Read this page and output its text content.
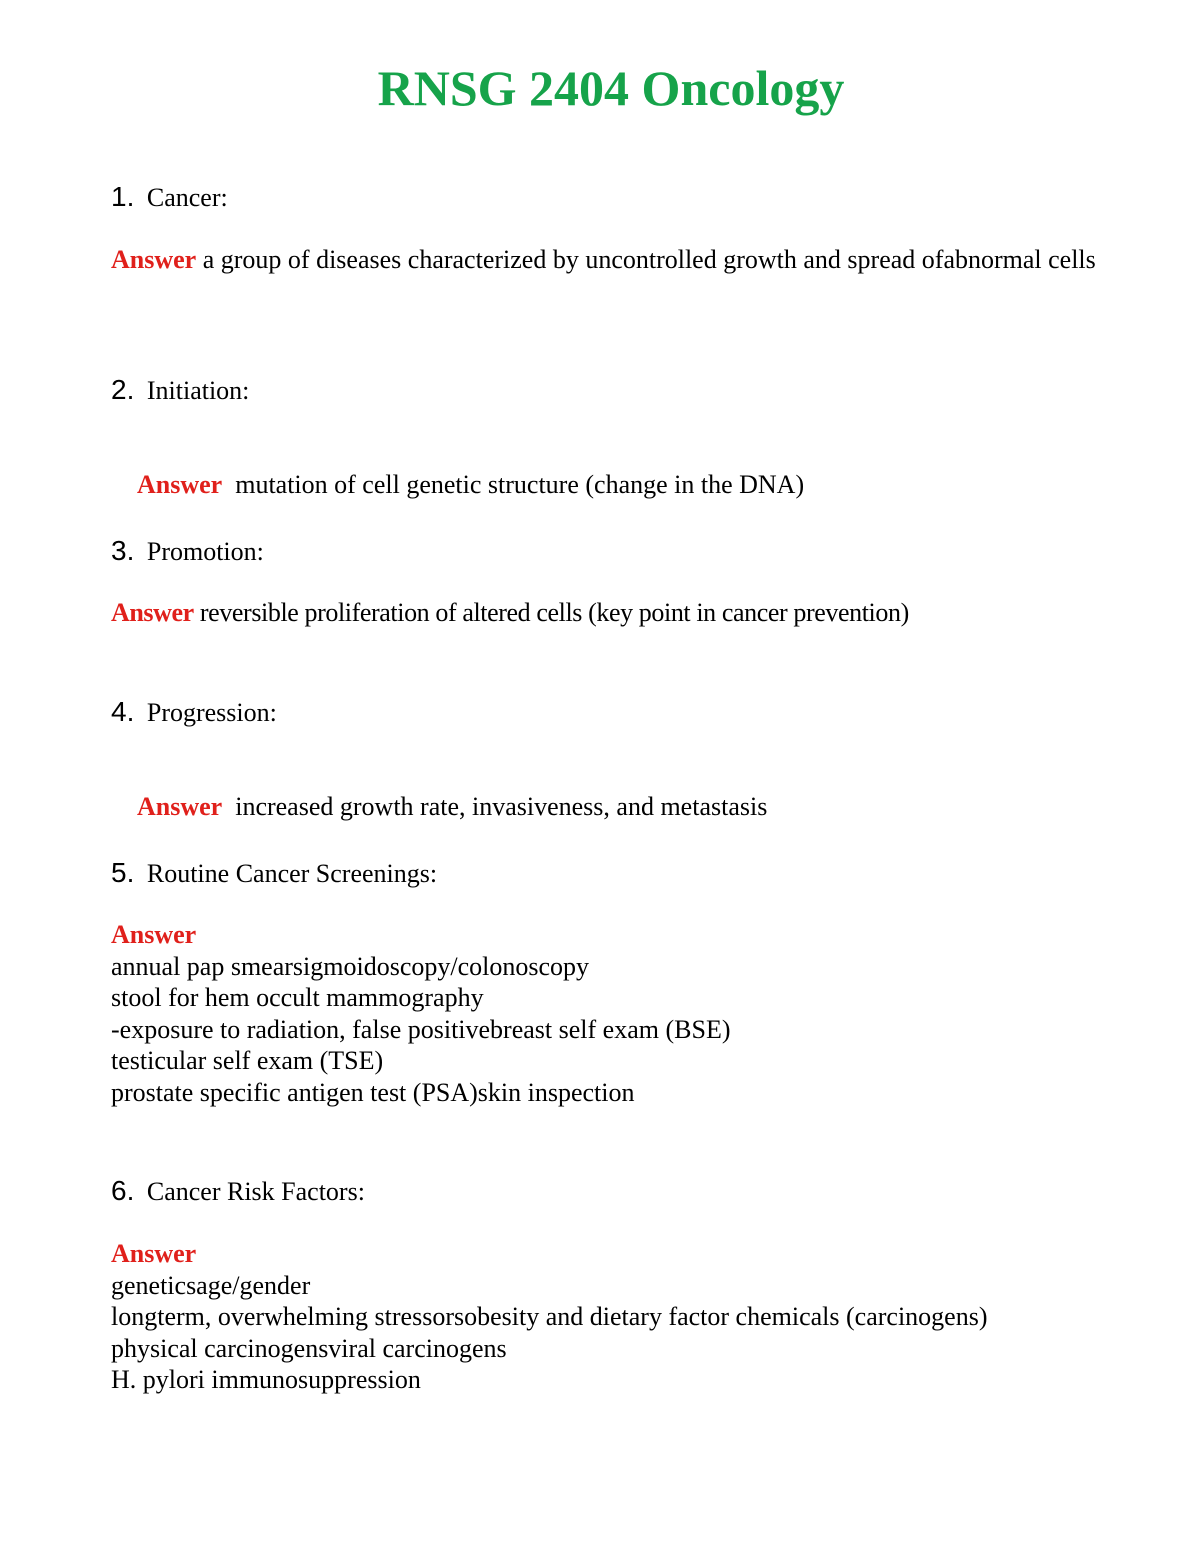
RNSG 2404 Oncology
1. Cancer:
Answer a group of diseases characterized by uncontrolled growth and spread ofabnormal cells
2. Initiation:

Answer  mutation of cell genetic structure (change in the DNA)

3. Promotion:
Answer reversible proliferation of altered cells (key point in cancer prevention)
4. Progression:

Answer  increased growth rate, invasiveness, and metastasis

5. Routine Cancer Screenings:
Answer
annual pap smearsigmoidoscopy/colonoscopy
stool for hem occult mammography
-exposure to radiation, false positivebreast self exam (BSE)
testicular self exam (TSE)
prostate specific antigen test (PSA)skin inspection
6. Cancer Risk Factors:
Answer
geneticsage/gender
longterm, overwhelming stressorsobesity and dietary factor chemicals (carcinogens)
physical carcinogensviral carcinogens
H. pylori immunosuppression
